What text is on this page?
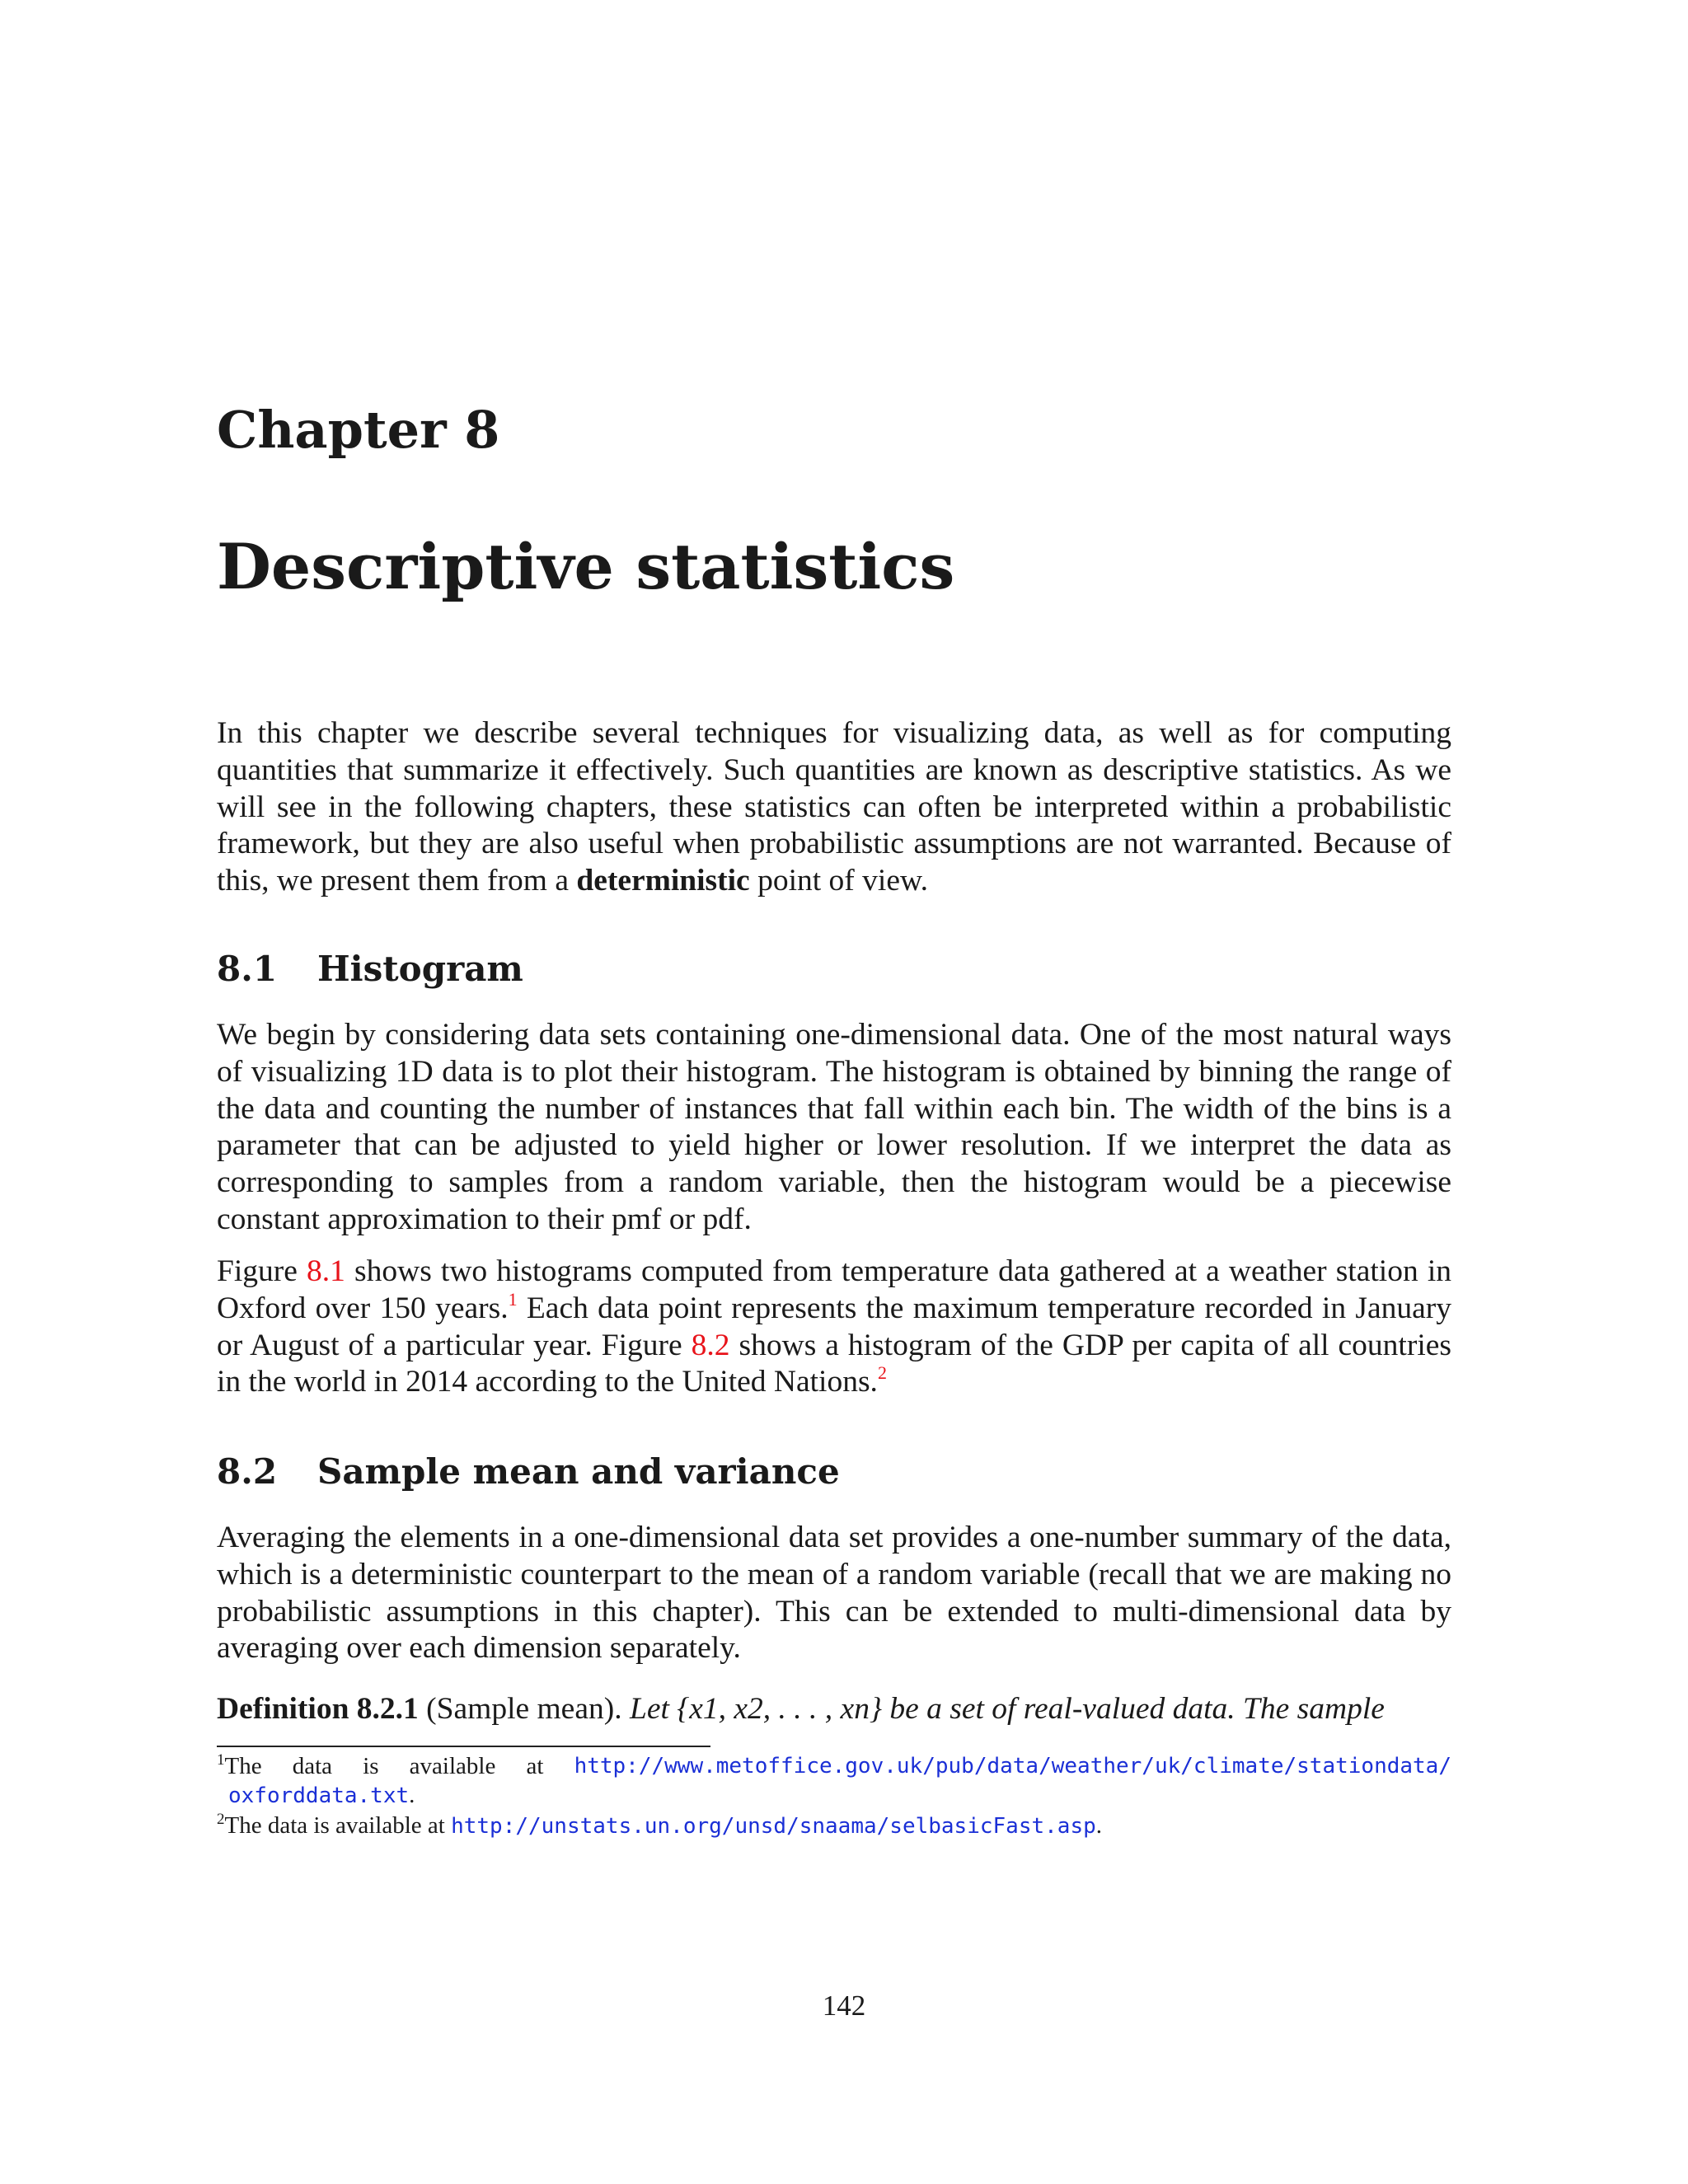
Chapter 8
Descriptive statistics

In this chapter we describe several techniques for visualizing data, as well as for computing quantities that summarize it effectively. Such quantities are known as descriptive statistics. As we will see in the following chapters, these statistics can often be interpreted within a probabilistic framework, but they are also useful when probabilistic assumptions are not warranted. Because of this, we present them from a deterministic point of view.

8.1 Histogram

We begin by considering data sets containing one-dimensional data. One of the most natural ways of visualizing 1D data is to plot their histogram. The histogram is obtained by binning the range of the data and counting the number of instances that fall within each bin. The width of the bins is a parameter that can be adjusted to yield higher or lower resolution. If we interpret the data as corresponding to samples from a random variable, then the histogram would be a piecewise constant approximation to their pmf or pdf.

Figure 8.1 shows two histograms computed from temperature data gathered at a weather station in Oxford over 150 years.$^1$ Each data point represents the maximum temperature recorded in January or August of a particular year. Figure 8.2 shows a histogram of the GDP per capita of all countries in the world in 2014 according to the United Nations.$^2$

8.2 Sample mean and variance

Averaging the elements in a one-dimensional data set provides a one-number summary of the data, which is a deterministic counterpart to the mean of a random variable (recall that we are making no probabilistic assumptions in this chapter). This can be extended to multi-dimensional data by averaging over each dimension separately.

Definition 8.2.1 (Sample mean). Let {x1, x2, . . . , xn} be a set of real-valued data. The sample

$^1$The data is available at http://www.metoffice.gov.uk/pub/data/weather/uk/climate/stationdata/
oxforddata.txt.
$^2$The data is available at http://unstats.un.org/unsd/snaama/selbasicFast.asp.

142
